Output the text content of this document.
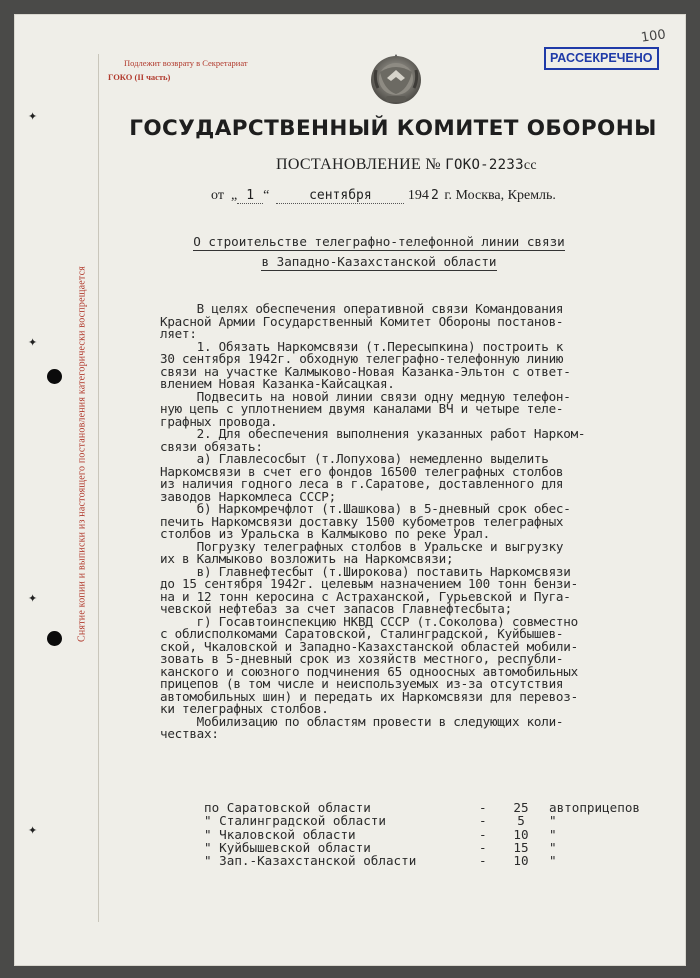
Снятие копии и выписки из настоящего постановления категорически воспрещается
✦
✦
✦
✦
Подлежит возврату в Секретариат
ГОКО (II часть)
РАССЕКРЕЧЕНО
100
ГОСУДАРСТВЕННЫЙ КОМИТЕТ ОБОРОНЫ
ПОСТАНОВЛЕНИЕ № ГОКО-2233сс
от  „ 1 “	сентября	194 2 г. Москва, Кремль.
О строительстве телеграфно-телефонной линии связи
в Западно-Казахстанской области
В целях обеспечения оперативной связи Командования
Красной Армии Государственный Комитет Обороны постанов-
ляет:
1. Обязать Наркомсвязи (т.Пересыпкина) построить к
30 сентября 1942г. обходную телеграфно-телефонную линию
связи на участке Калмыково-Новая Казанка-Эльтон с ответ-
влением Новая Казанка-Кайсацкая.
Подвесить на новой линии связи одну медную телефон-
ную цепь с уплотнением двумя каналами ВЧ и четыре теле-
графных провода.
2. Для обеспечения выполнения указанных работ Нарком-
связи обязать:
а) Главлесосбыт (т.Лопухова) немедленно выделить
Наркомсвязи в счет его фондов 16500 телеграфных столбов
из наличия годного леса в г.Саратове, доставленного для
заводов Наркомлеса СССР;
б) Наркомречфлот (т.Шашкова) в 5-дневный срок обес-
печить Наркомсвязи доставку 1500 кубометров телеграфных
столбов из Уральска в Калмыково по реке Урал.
Погрузку телеграфных столбов в Уральске и выгрузку
их в Калмыково возложить на Наркомсвязи;
в) Главнефтесбыт (т.Широкова) поставить Наркомсвязи
до 15 сентября 1942г. целевым назначением 100 тонн бензи-
на и 12 тонн керосина с Астраханской, Гурьевской и Пуга-
чевской нефтебаз за счет запасов Главнефтесбыта;
г) Госавтоинспекцию НКВД СССР (т.Соколова) совместно
с облисполкомами Саратовской, Сталинградской, Куйбышев-
ской, Чкаловской и Западно-Казахстанской областей мобили-
зовать в 5-дневный срок из хозяйств местного, республи-
канского и союзного подчинения 65 одноосных автомобильных
прицепов (в том числе и неиспользуемых из-за отсутствия
автомобильных шин) и передать их Наркомсвязи для перевоз-
ки телеграфных столбов.
Мобилизацию по областям провести в следующих коли-
чествах:
по Саратовской области	-	25	автоприцепов
" Сталинградской области	-	5	"
" Чкаловской области	-	10	"
" Куйбышевской области	-	15	"
" Зап.-Казахстанской области	-	10	"
